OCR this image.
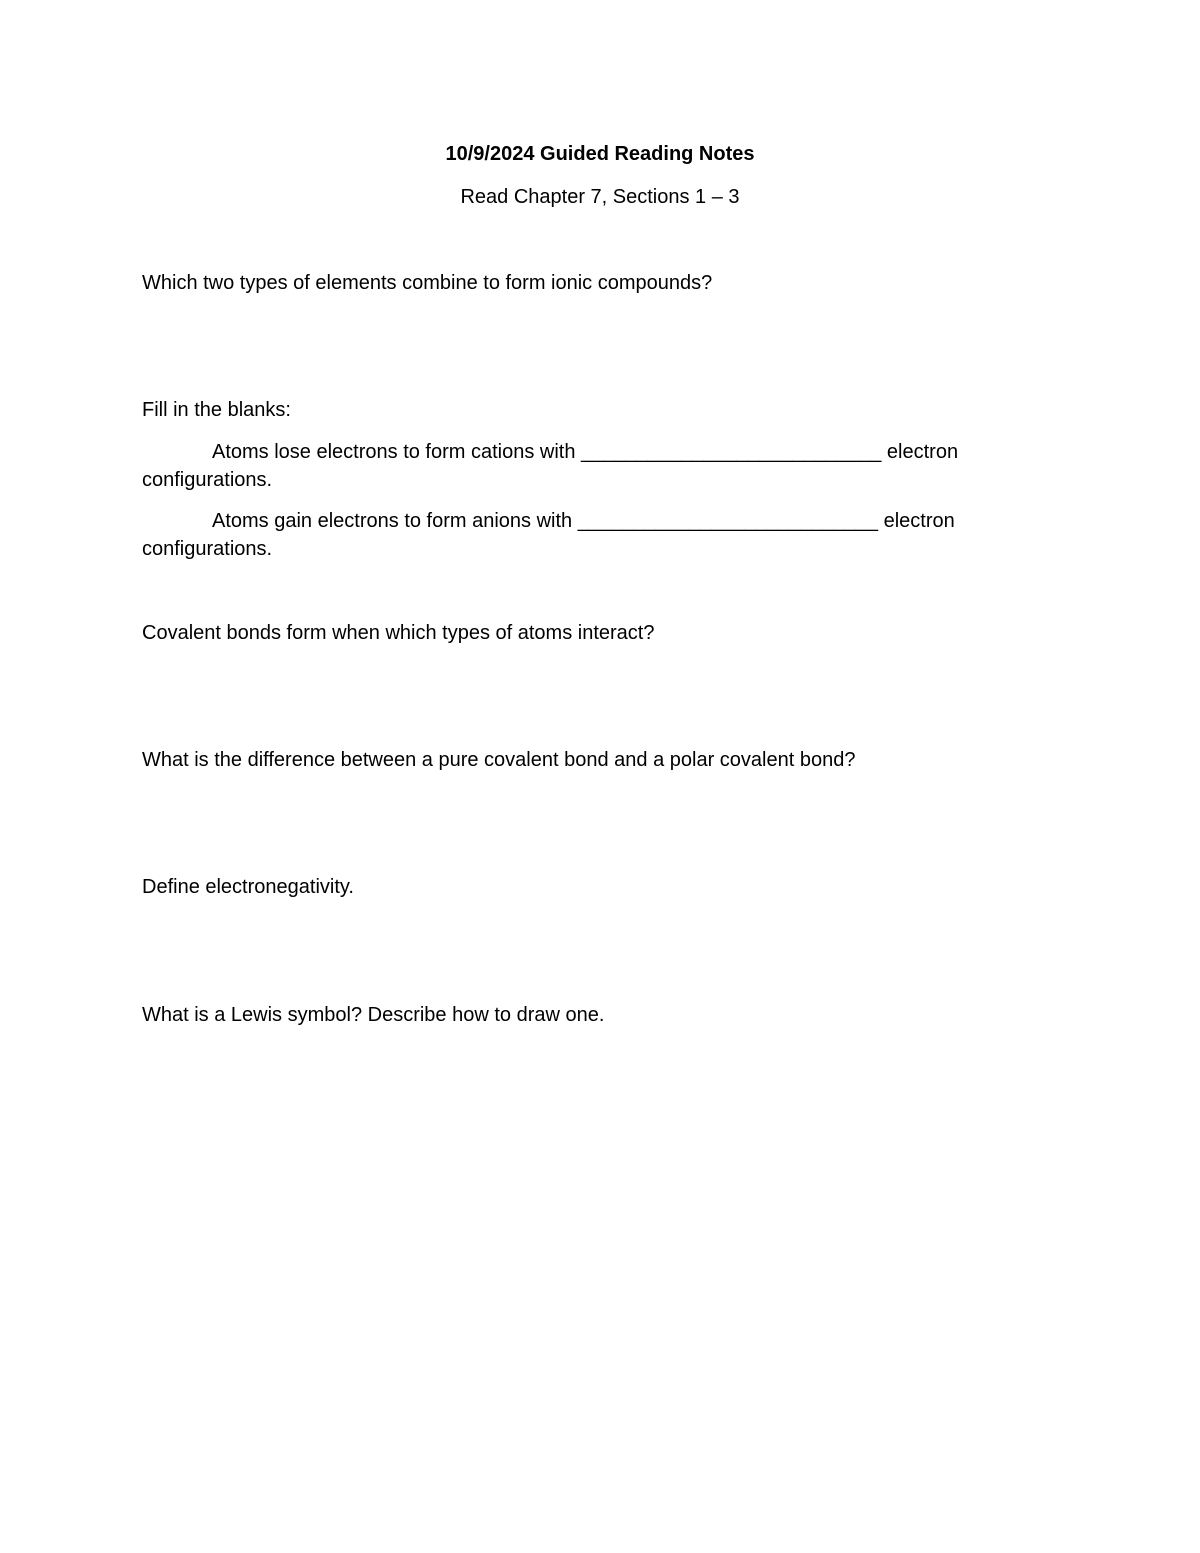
10/9/2024 Guided Reading Notes
Read Chapter 7, Sections 1 – 3
Which two types of elements combine to form ionic compounds?
Fill in the blanks:
Atoms lose electrons to form cations with ___________________________ electron
configurations.
Atoms gain electrons to form anions with ___________________________ electron
configurations.
Covalent bonds form when which types of atoms interact?
What is the difference between a pure covalent bond and a polar covalent bond?
Define electronegativity.
What is a Lewis symbol? Describe how to draw one.
